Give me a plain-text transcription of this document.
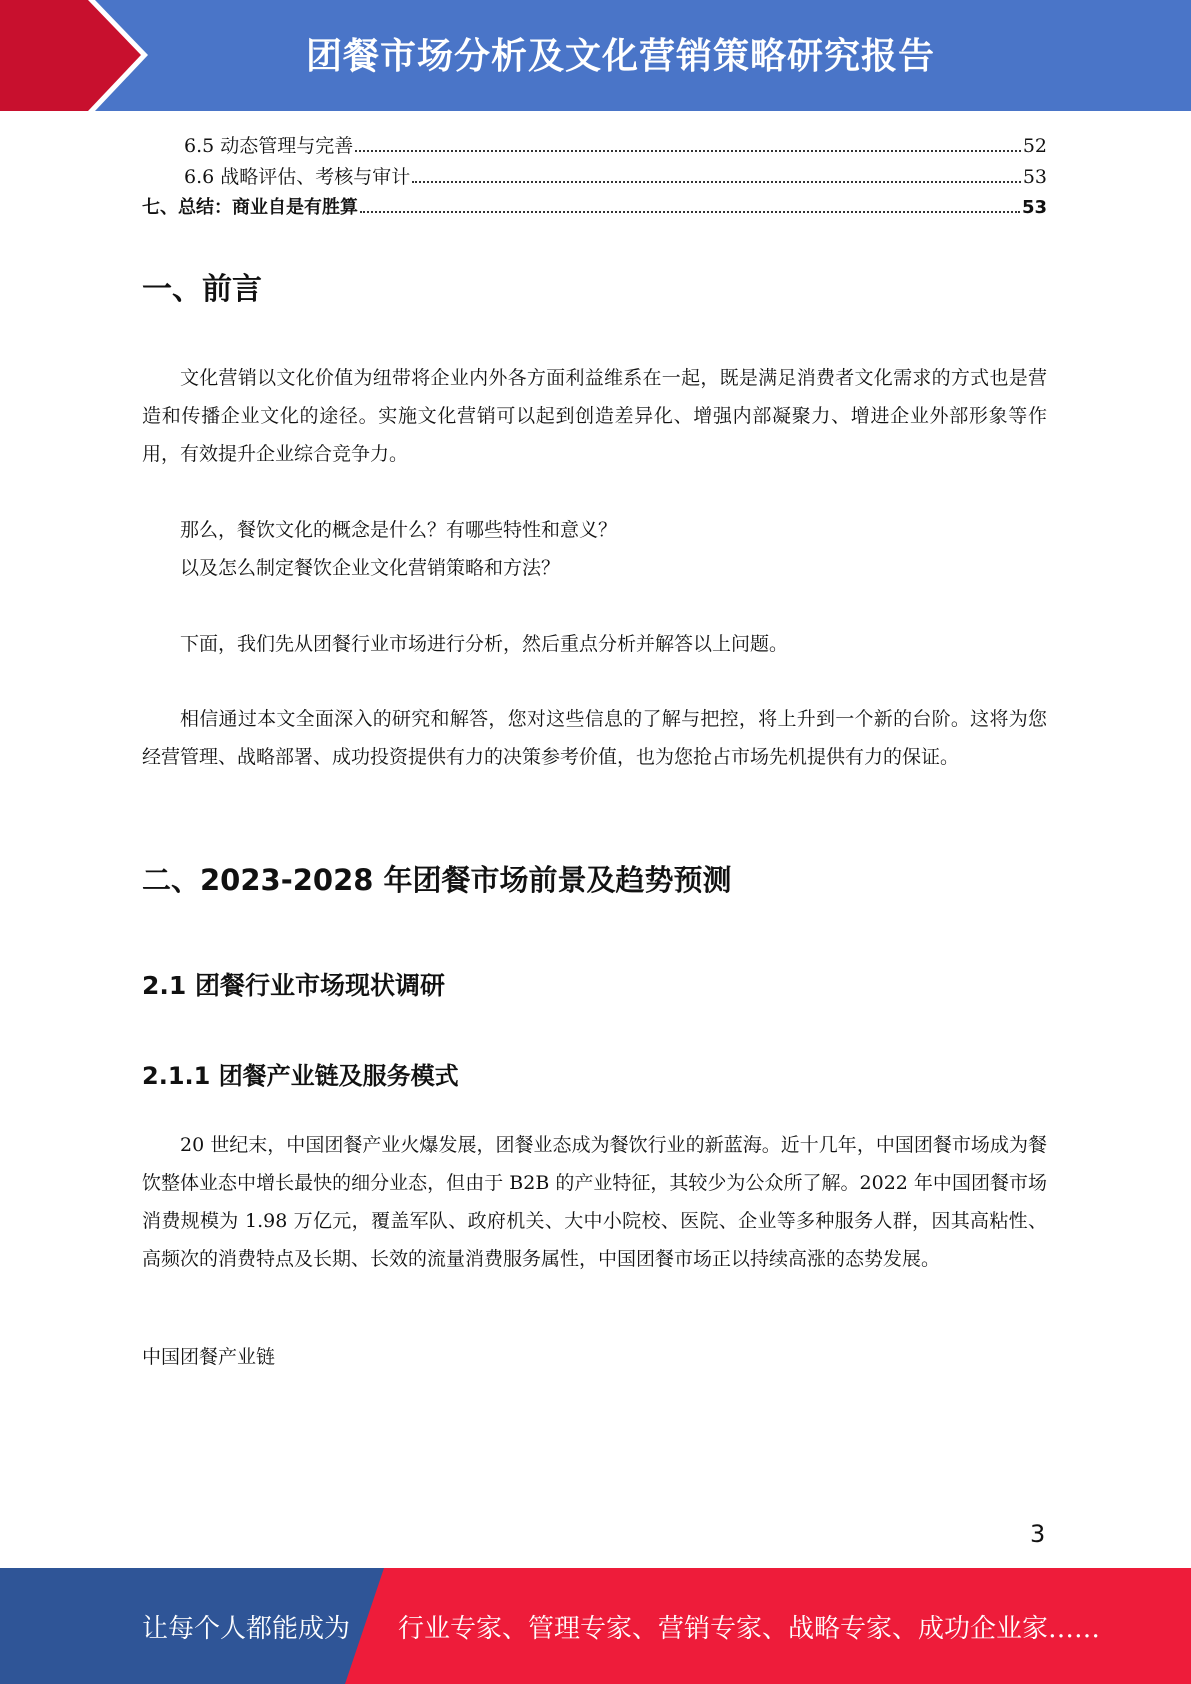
团餐市场分析及文化营销策略研究报告
6.5 动态管理与完善	52
6.6 战略评估、考核与审计	53
七、总结：商业自是有胜算	53
一、前言

文化营销以文化价值为纽带将企业内外各方面利益维系在一起，既是满足消费者文化需求的方式也是营造和传播企业文化的途径。实施文化营销可以起到创造差异化、增强内部凝聚力、增进企业外部形象等作用，有效提升企业综合竞争力。

那么，餐饮文化的概念是什么？有哪些特性和意义？

以及怎么制定餐饮企业文化营销策略和方法？

下面，我们先从团餐行业市场进行分析，然后重点分析并解答以上问题。

相信通过本文全面深入的研究和解答，您对这些信息的了解与把控，将上升到一个新的台阶。这将为您经营管理、战略部署、成功投资提供有力的决策参考价值，也为您抢占市场先机提供有力的保证。

二、2023-2028 年团餐市场前景及趋势预测
2.1 团餐行业市场现状调研
2.1.1 团餐产业链及服务模式

20 世纪末，中国团餐产业火爆发展，团餐业态成为餐饮行业的新蓝海。近十几年，中国团餐市场成为餐饮整体业态中增长最快的细分业态，但由于 B2B 的产业特征，其较少为公众所了解。2022 年中国团餐市场消费规模为 1.98 万亿元，覆盖军队、政府机关、大中小院校、医院、企业等多种服务人群，因其高粘性、高频次的消费特点及长期、长效的流量消费服务属性，中国团餐市场正以持续高涨的态势发展。

中国团餐产业链

3
让每个人都能成为 行业专家、管理专家、营销专家、战略专家、成功企业家……
